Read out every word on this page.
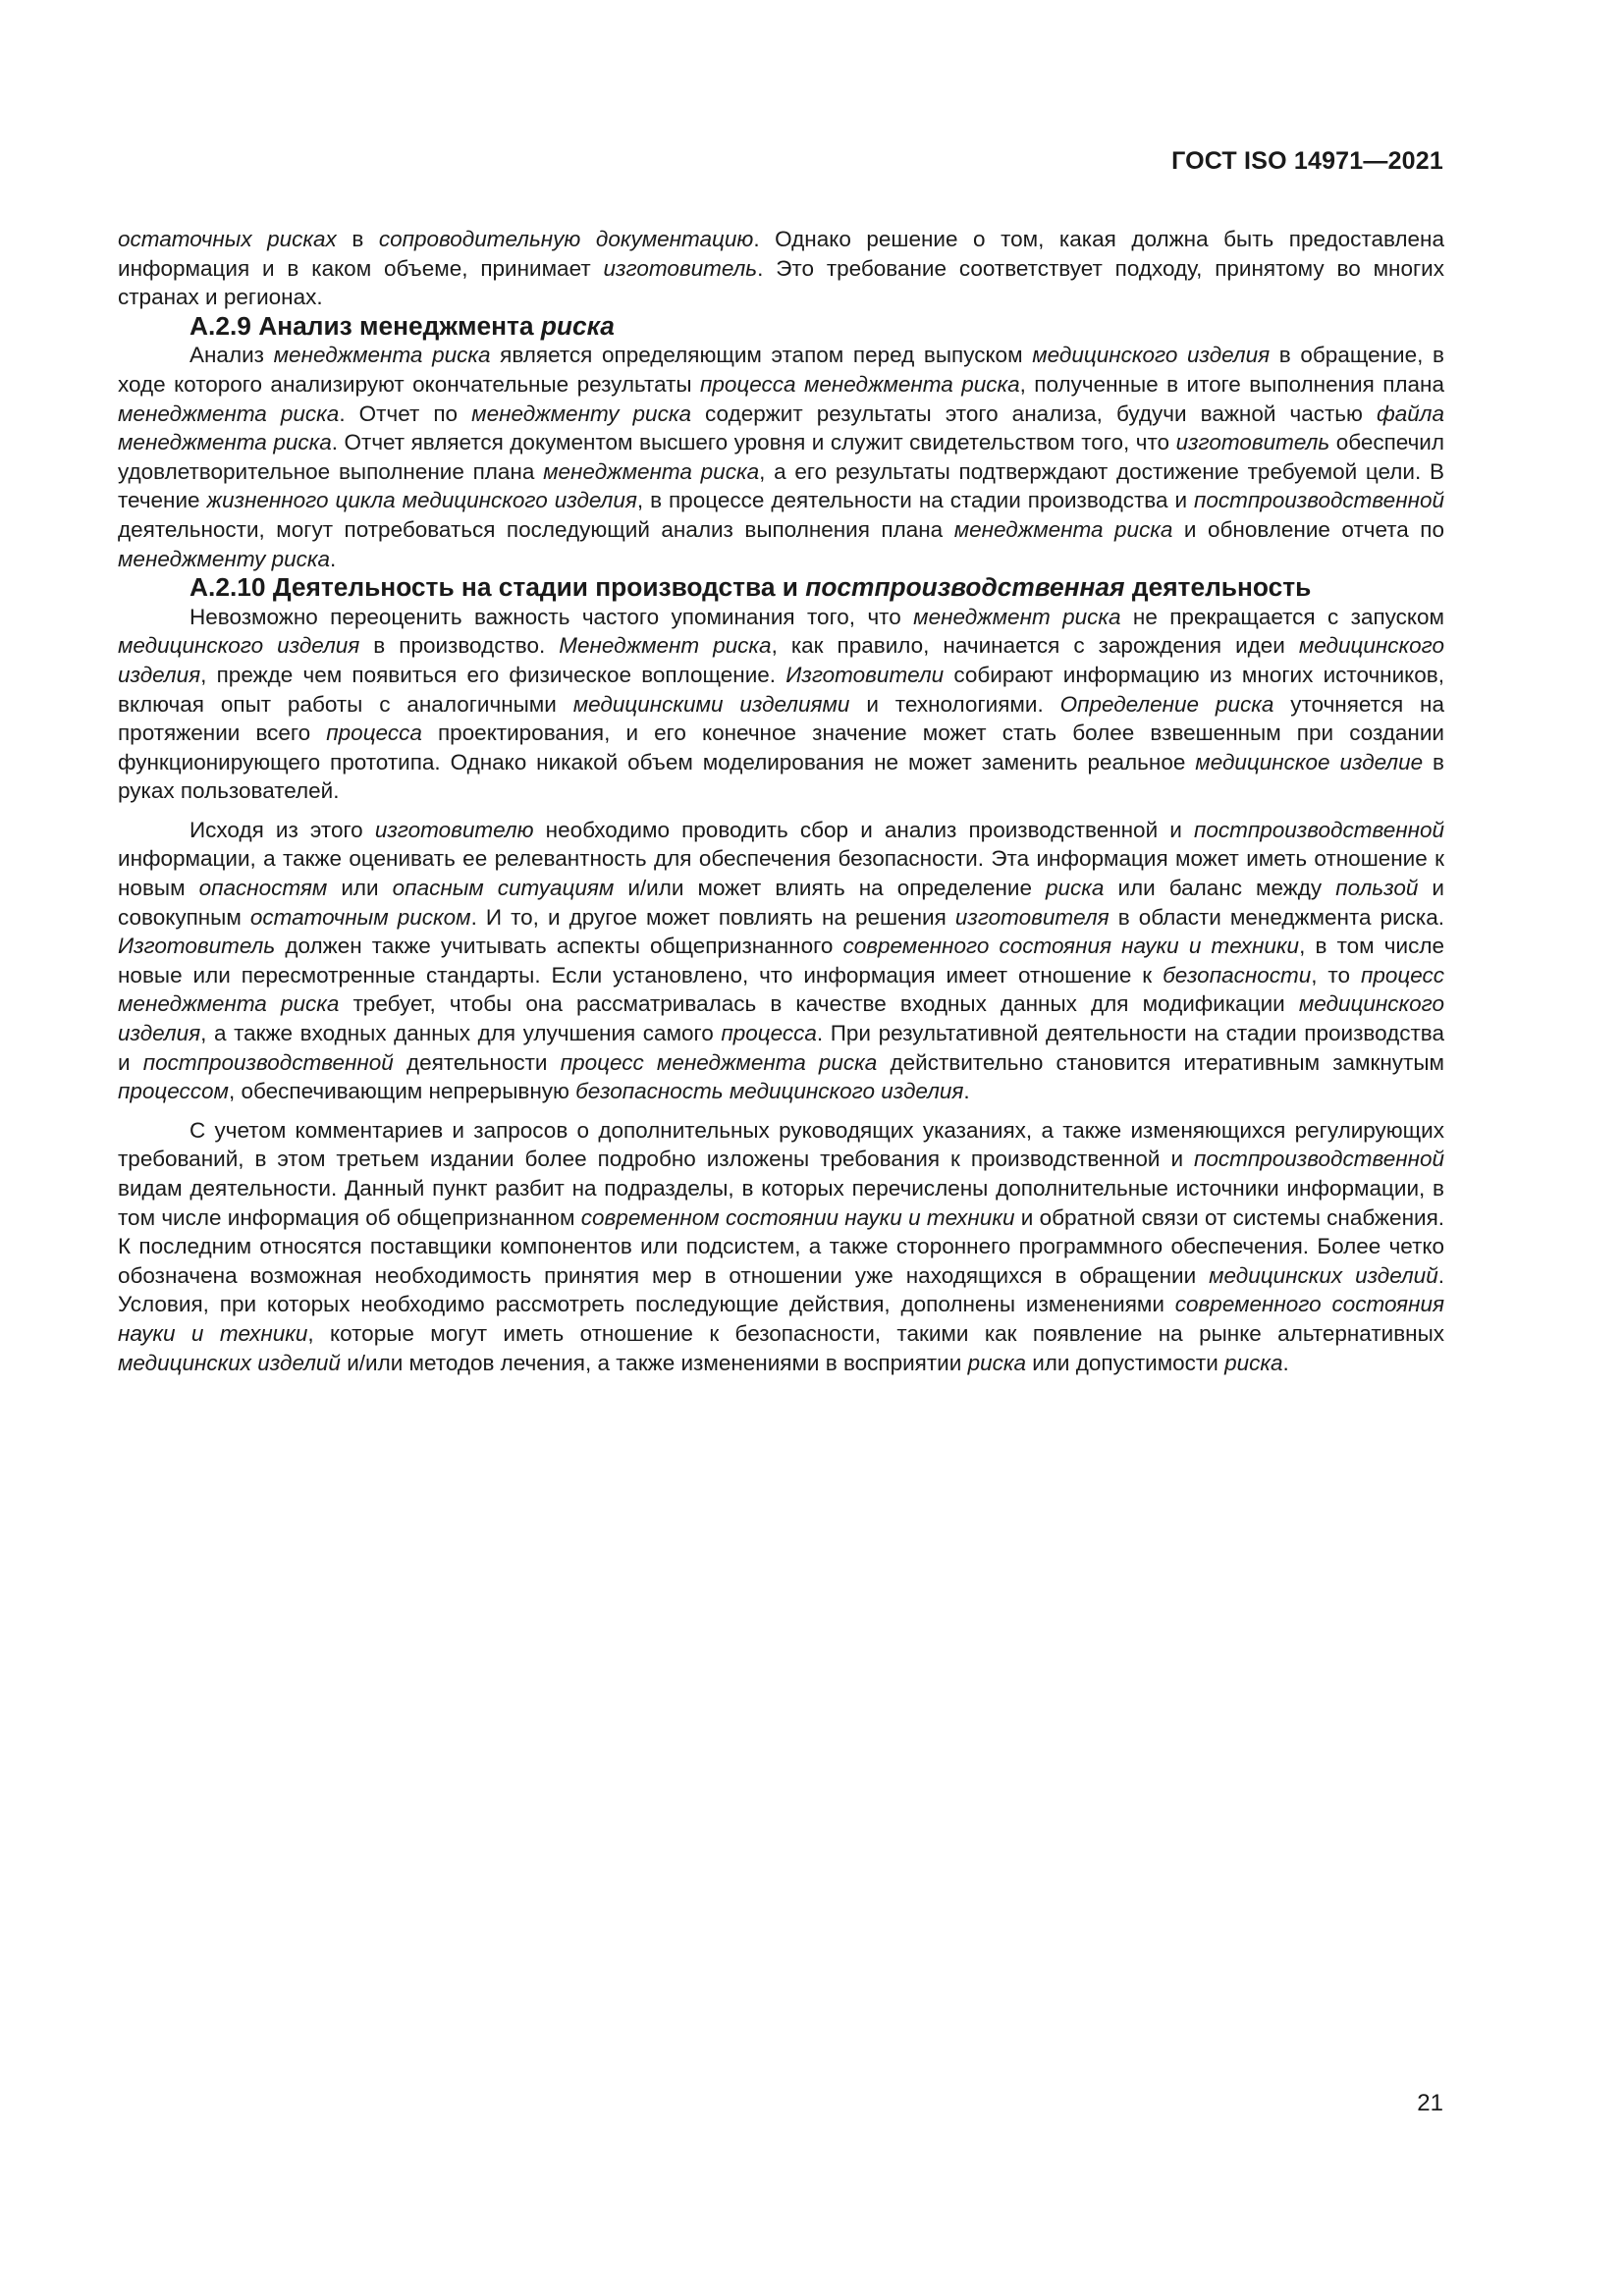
ГОСТ ISO 14971—2021

остаточных рисках в сопроводительную документацию. Однако решение о том, какая должна быть предоставлена информация и в каком объеме, принимает изготовитель. Это требование соответствует подходу, принятому во многих странах и регионах.

А.2.9 Анализ менеджмента риска

Анализ менеджмента риска является определяющим этапом перед выпуском медицинского изделия в обращение, в ходе которого анализируют окончательные результаты процесса менеджмента риска, полученные в итоге выполнения плана менеджмента риска. Отчет по менеджменту риска содержит результаты этого анализа, будучи важной частью файла менеджмента риска. Отчет является документом высшего уровня и служит свидетельством того, что изготовитель обеспечил удовлетворительное выполнение плана менеджмента риска, а его результаты подтверждают достижение требуемой цели. В течение жизненного цикла медицинского изделия, в процессе деятельности на стадии производства и постпроизводственной деятельности, могут потребоваться последующий анализ выполнения плана менеджмента риска и обновление отчета по менеджменту риска.

А.2.10 Деятельность на стадии производства и постпроизводственная деятельность

Невозможно переоценить важность частого упоминания того, что менеджмент риска не прекращается с запуском медицинского изделия в производство. Менеджмент риска, как правило, начинается с зарождения идеи медицинского изделия, прежде чем появиться его физическое воплощение. Изготовители собирают информацию из многих источников, включая опыт работы с аналогичными медицинскими изделиями и технологиями. Определение риска уточняется на протяжении всего процесса проектирования, и его конечное значение может стать более взвешенным при создании функционирующего прототипа. Однако никакой объем моделирования не может заменить реальное медицинское изделие в руках пользователей.

Исходя из этого изготовителю необходимо проводить сбор и анализ производственной и постпроизводственной информации, а также оценивать ее релевантность для обеспечения безопасности. Эта информация может иметь отношение к новым опасностям или опасным ситуациям и/или может влиять на определение риска или баланс между пользой и совокупным остаточным риском. И то, и другое может повлиять на решения изготовителя в области менеджмента риска. Изготовитель должен также учитывать аспекты общепризнанного современного состояния науки и техники, в том числе новые или пересмотренные стандарты. Если установлено, что информация имеет отношение к безопасности, то процесс менеджмента риска требует, чтобы она рассматривалась в качестве входных данных для модификации медицинского изделия, а также входных данных для улучшения самого процесса. При результативной деятельности на стадии производства и постпроизводственной деятельности процесс менеджмента риска действительно становится итеративным замкнутым процессом, обеспечивающим непрерывную безопасность медицинского изделия.

С учетом комментариев и запросов о дополнительных руководящих указаниях, а также изменяющихся регулирующих требований, в этом третьем издании более подробно изложены требования к производственной и постпроизводственной видам деятельности. Данный пункт разбит на подразделы, в которых перечислены дополнительные источники информации, в том числе информация об общепризнанном современном состоянии науки и техники и обратной связи от системы снабжения. К последним относятся поставщики компонентов или подсистем, а также стороннего программного обеспечения. Более четко обозначена возможная необходимость принятия мер в отношении уже находящихся в обращении медицинских изделий. Условия, при которых необходимо рассмотреть последующие действия, дополнены изменениями современного состояния науки и техники, которые могут иметь отношение к безопасности, такими как появление на рынке альтернативных медицинских изделий и/или методов лечения, а также изменениями в восприятии риска или допустимости риска.

21
